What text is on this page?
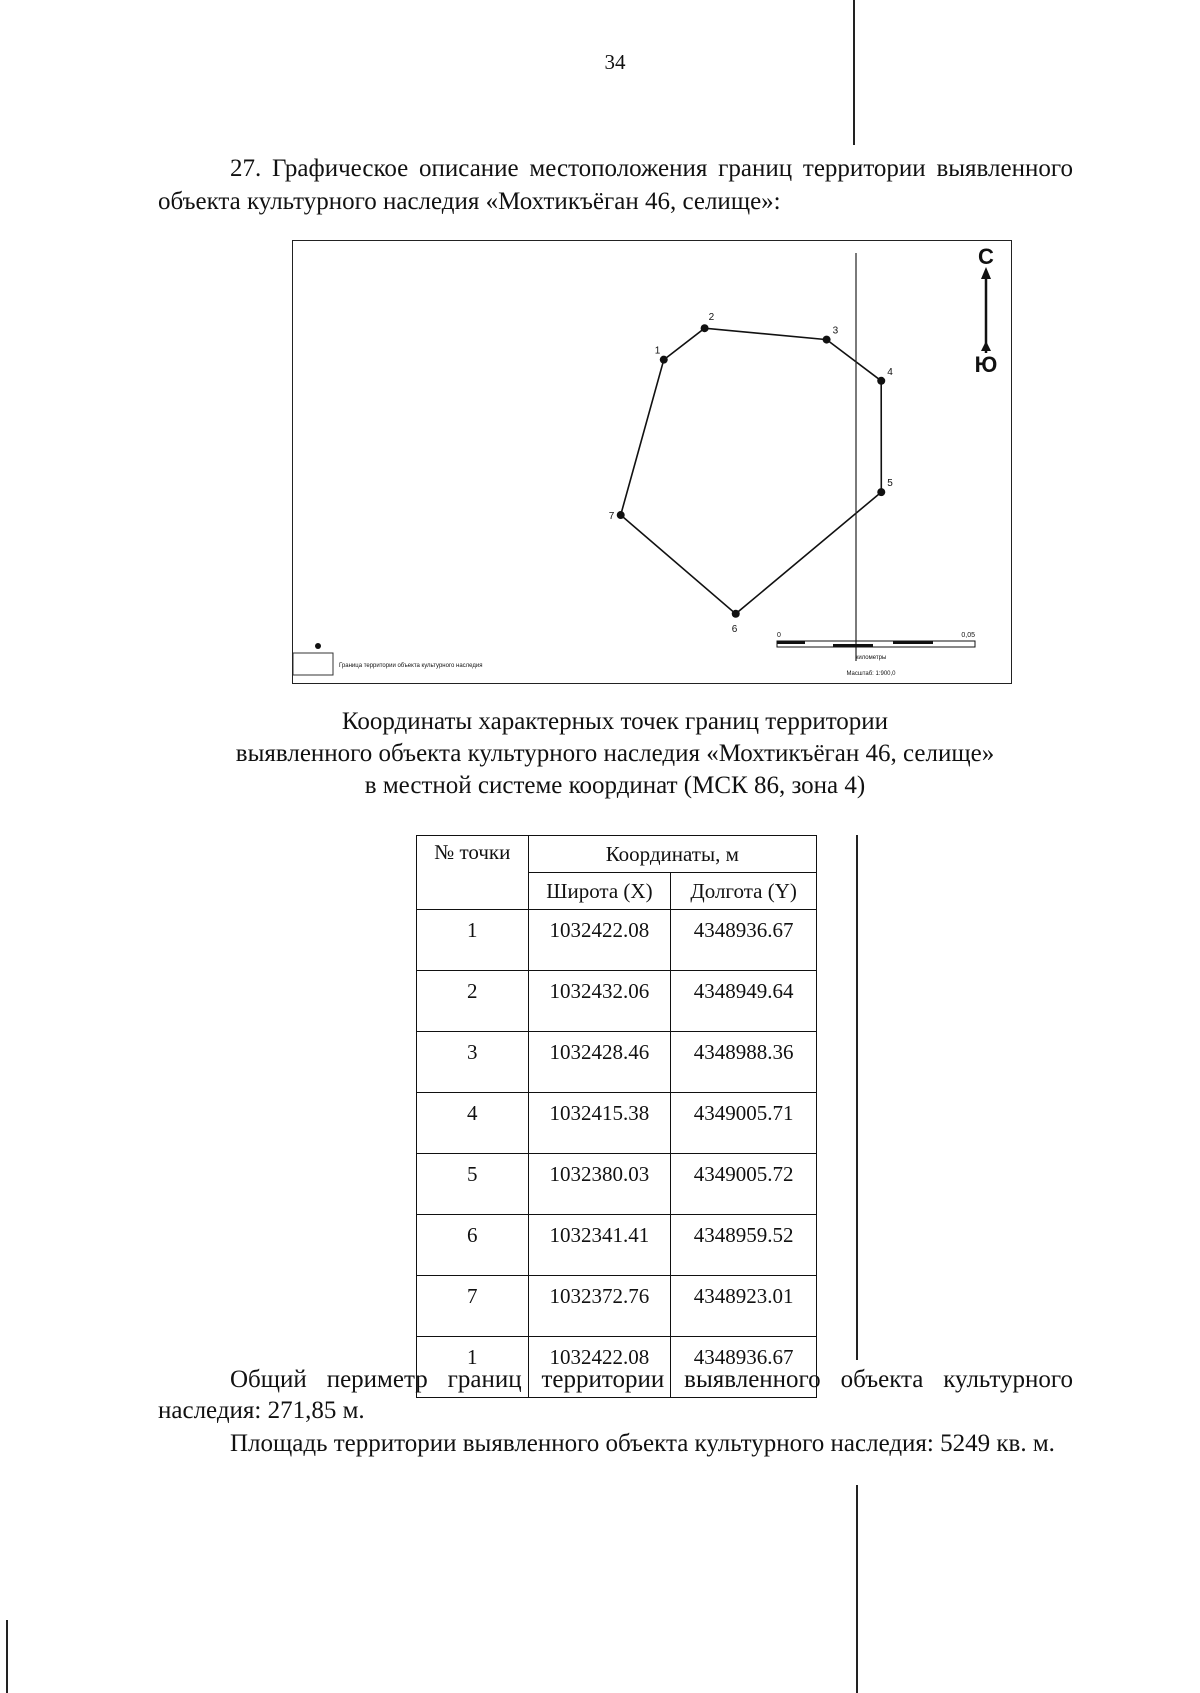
34

27. Графическое описание местоположения границ территории выявленного объекта культурного наследия «Мохтикъёган 46, селище»:

1
2
3
4
5
6
7
С
Ю
Граница территории объекта культурного наследия
0	0,05
километры
Масштаб: 1:900,0
Координаты характерных точек границ территории
выявленного объекта культурного наследия «Мохтикъёган 46, селище»
в местной системе координат (МСК 86, зона 4)
№ точки	Координаты, м	
	Широта (X)	Долгота (Y)
1	1032422.08	4348936.67
2	1032432.06	4348949.64
3	1032428.46	4348988.36
4	1032415.38	4349005.71
5	1032380.03	4349005.72
6	1032341.41	4348959.52
7	1032372.76	4348923.01
1	1032422.08	4348936.67

Общий периметр границ территории выявленного объекта культурного наследия: 271,85 м.

Площадь территории выявленного объекта культурного наследия: 5249 кв. м.
